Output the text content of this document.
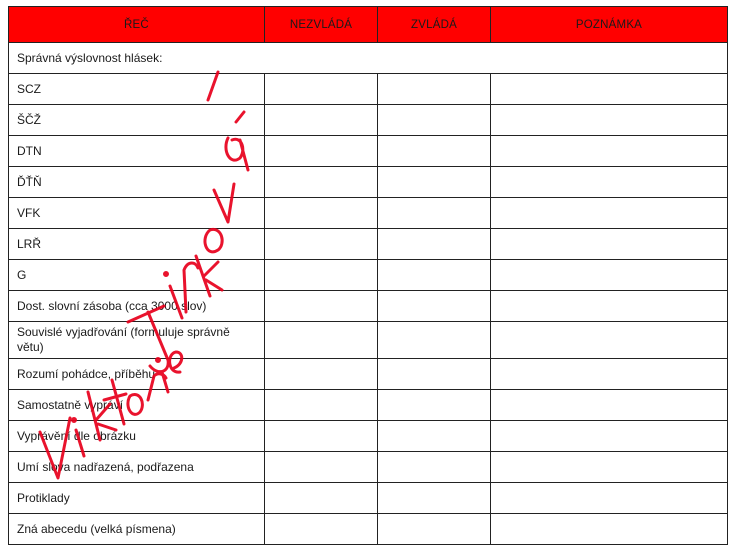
ŘEČ	NEZVLÁDÁ	ZVLÁDÁ	POZNÁMKA
Správná výslovnost hlásek:			
SCZ			
ŠČŽ			
DTN			
ĎŤŇ			
VFK			
LRŘ			
G			
Dost. slovní zásoba (cca 3000 slov)			
Souvislé vyjadřování (formuluje správně větu)			
Rozumí pohádce, příběhu			
Samostatně vypráví			
Vyprávění dle obrázku			
Umí slova nadřazená, podřazena			
Protiklady			
Zná abecedu (velká písmena)			
